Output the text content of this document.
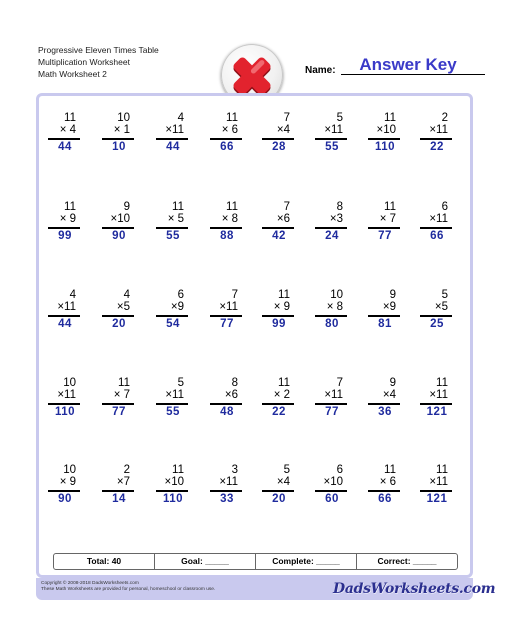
Progressive Eleven Times Table
Multiplication Worksheet
Math Worksheet 2	Name:	Answer Key
11
× 4
44
10
× 1
10
4
×11
44
11
× 6
66
7
×4
28
5
×11
55
11
×10
110
2
×11
22
11
× 9
99
9
×10
90
11
× 5
55
11
× 8
88
7
×6
42
8
×3
24
11
× 7
77
6
×11
66
4
×11
44
4
×5
20
6
×9
54
7
×11
77
11
× 9
99
10
× 8
80
9
×9
81
5
×5
25
10
×11
110
11
× 7
77
5
×11
55
8
×6
48
11
× 2
22
7
×11
77
9
×4
36
11
×11
121
10
× 9
90
2
×7
14
11
×10
110
3
×11
33
5
×4
20
6
×10
60
11
× 6
66
11
×11
121
Total: 40	Goal: _____	Complete: _____	Correct: _____
Copyright © 2008-2018 DadsWorksheets.com
These Math Worksheets are provided for personal, homeschool or classroom use.	DadsWorksheets.com
